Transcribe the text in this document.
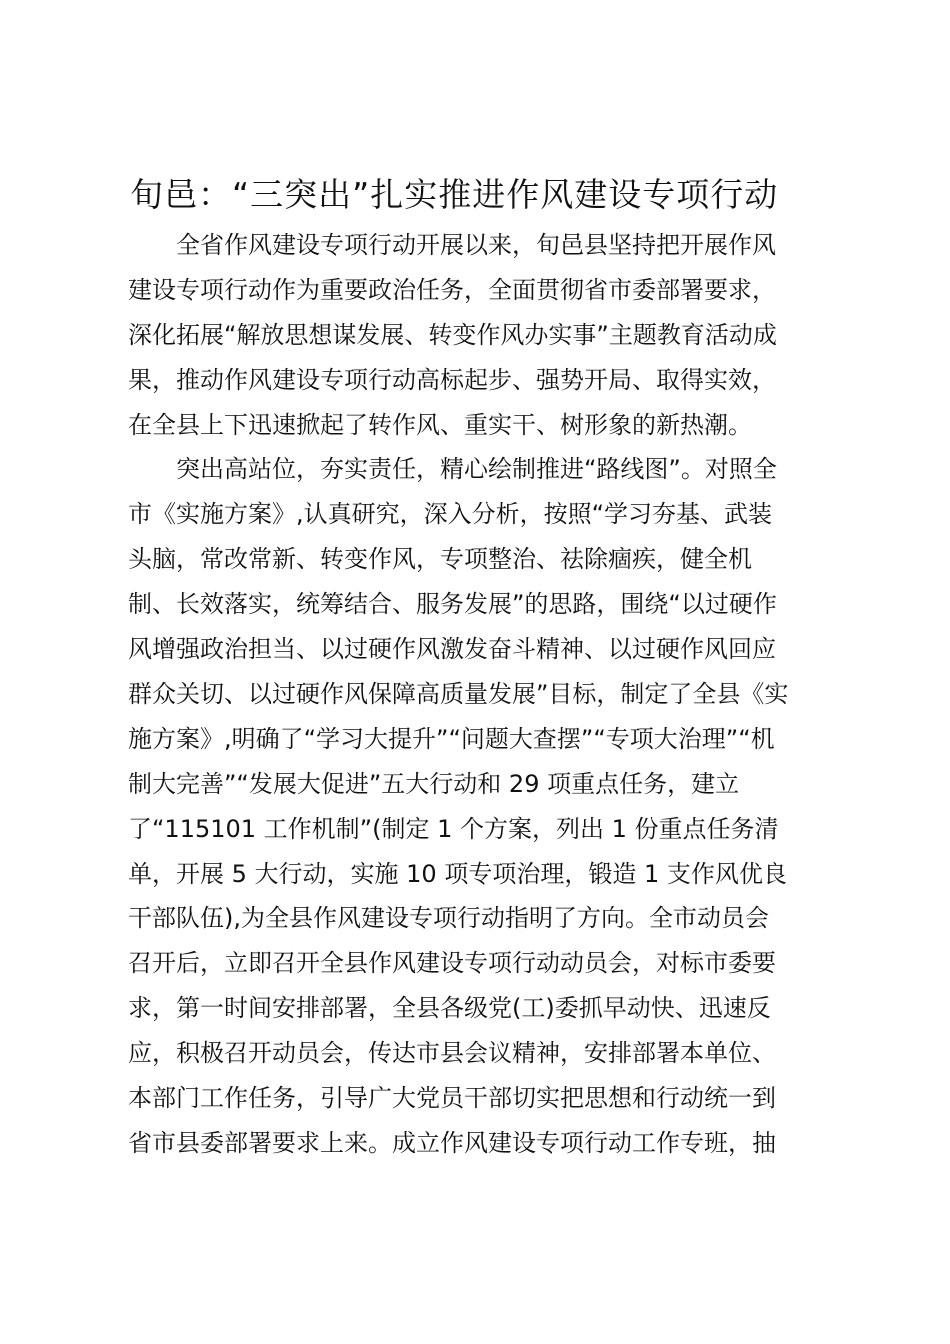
旬邑：“三突出”扎实推进作风建设专项行动

　　全省作风建设专项行动开展以来，旬邑县坚持把开展作风

建设专项行动作为重要政治任务，全面贯彻省市委部署要求，

深化拓展“解放思想谋发展、转变作风办实事”主题教育活动成

果，推动作风建设专项行动高标起步、强势开局、取得实效，

在全县上下迅速掀起了转作风、重实干、树形象的新热潮。

　　突出高站位，夯实责任，精心绘制推进“路线图”。对照全

市《实施方案》,认真研究，深入分析，按照“学习夯基、武装

头脑，常改常新、转变作风，专项整治、祛除痼疾，健全机

制、长效落实，统筹结合、服务发展”的思路，围绕“以过硬作

风增强政治担当、以过硬作风激发奋斗精神、以过硬作风回应

群众关切、以过硬作风保障高质量发展”目标，制定了全县《实

施方案》,明确了“学习大提升”“问题大查摆”“专项大治理”“机

制大完善”“发展大促进”五大行动和 29 项重点任务，建立

了“115101 工作机制”(制定 1 个方案，列出 1 份重点任务清

单，开展 5 大行动，实施 10 项专项治理，锻造 1 支作风优良

干部队伍),为全县作风建设专项行动指明了方向。全市动员会

召开后，立即召开全县作风建设专项行动动员会，对标市委要

求，第一时间安排部署，全县各级党(工)委抓早动快、迅速反

应，积极召开动员会，传达市县会议精神，安排部署本单位、

本部门工作任务，引导广大党员干部切实把思想和行动统一到

省市县委部署要求上来。成立作风建设专项行动工作专班，抽
